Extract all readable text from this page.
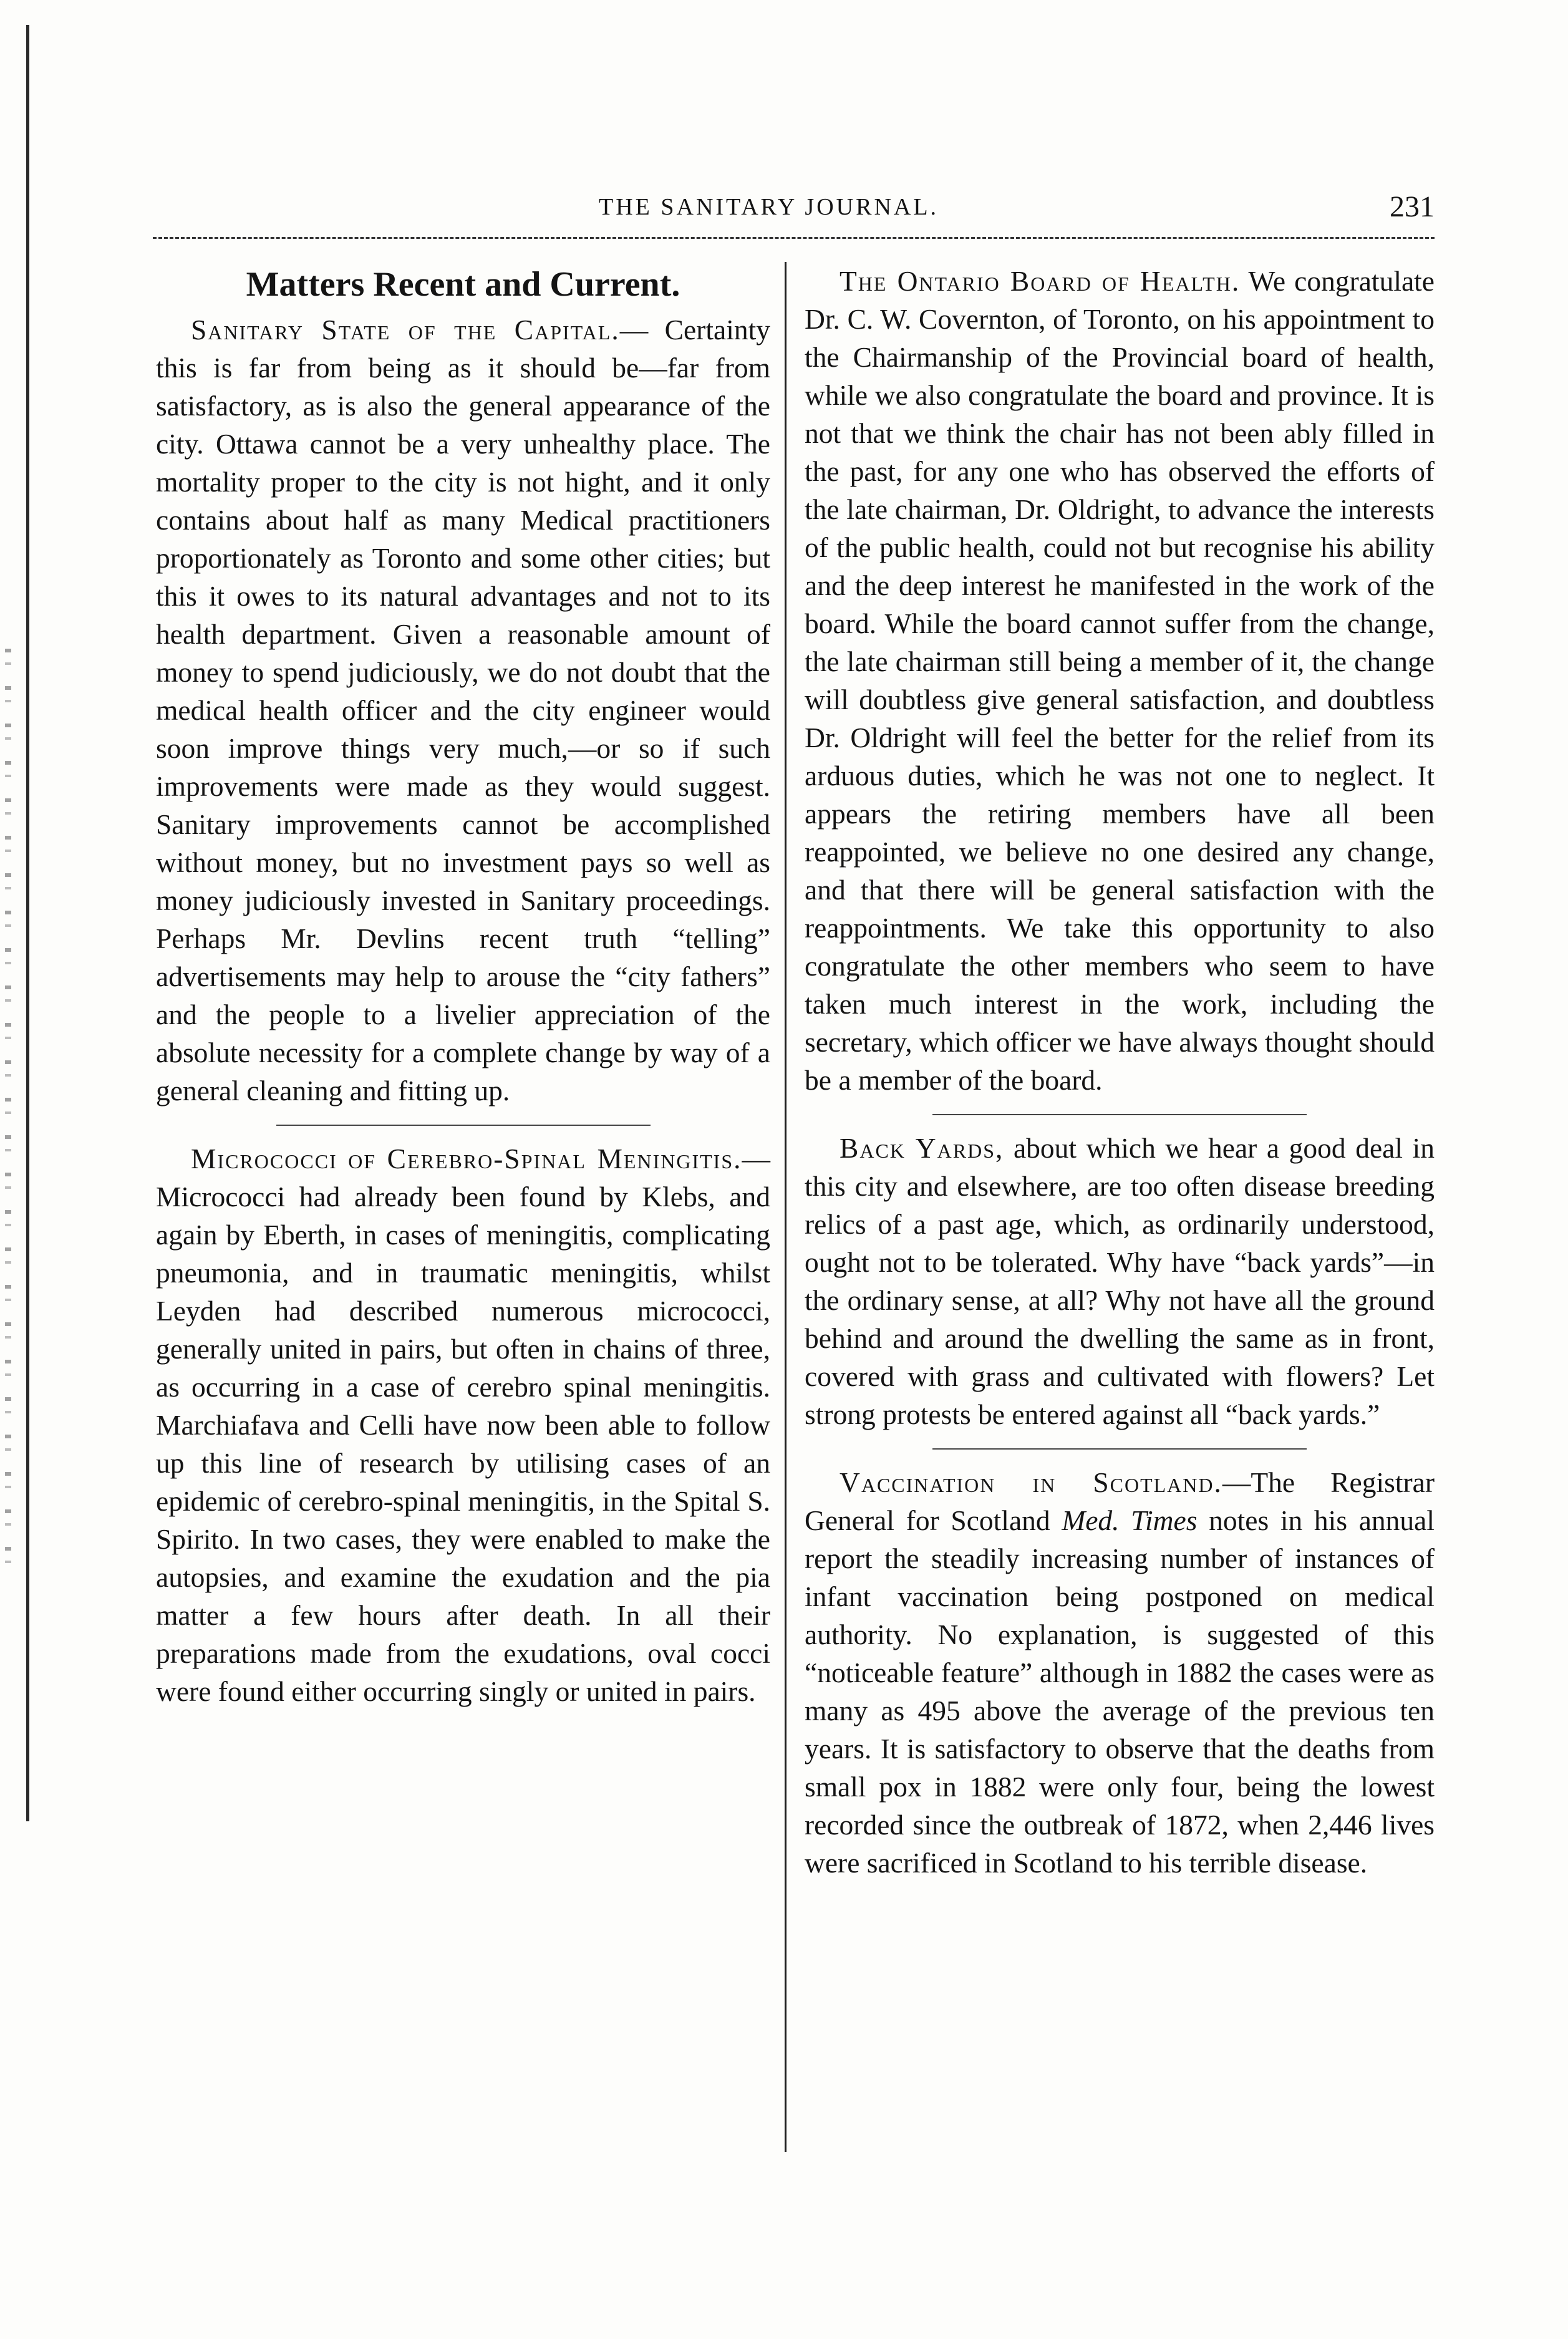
THE SANITARY JOURNAL.	231
Matters Recent and Current.

Sanitary State of the Capital.— Certainty this is far from being as it should be—far from satisfactory, as is also the general appearance of the city. Ottawa cannot be a very unhealthy place. The mortality proper to the city is not hight, and it only contains about half as many Medical practitioners proportionately as Toronto and some other cities; but this it owes to its natural advantages and not to its health department. Given a reasonable amount of money to spend judiciously, we do not doubt that the medical health officer and the city engineer would soon improve things very much,—or so if such improvements were made as they would suggest. Sanitary improvements cannot be accomplished without money, but no investment pays so well as money judiciously invested in Sanitary proceedings. Perhaps Mr. Devlins recent truth “telling” advertisements may help to arouse the “city fathers” and the people to a livelier appreciation of the absolute necessity for a complete change by way of a general cleaning and fitting up.

Micrococci of Cerebro-Spinal Meningitis.— Micrococci had already been found by Klebs, and again by Eberth, in cases of meningitis, complicating pneumonia, and in traumatic meningitis, whilst Leyden had described numerous micrococci, generally united in pairs, but often in chains of three, as occurring in a case of cerebro spinal meningitis. Marchiafava and Celli have now been able to follow up this line of research by utilising cases of an epidemic of cerebro-spinal meningitis, in the Spital S. Spirito. In two cases, they were enabled to make the autopsies, and examine the exudation and the pia matter a few hours after death. In all their preparations made from the exudations, oval cocci were found either occurring singly or united in pairs.

The Ontario Board of Health. We congratulate Dr. C. W. Covernton, of Toronto, on his appointment to the Chairmanship of the Provincial board of health, while we also congratulate the board and province. It is not that we think the chair has not been ably filled in the past, for any one who has observed the efforts of the late chairman, Dr. Oldright, to advance the interests of the public health, could not but recognise his ability and the deep interest he manifested in the work of the board. While the board cannot suffer from the change, the late chairman still being a member of it, the change will doubtless give general satisfaction, and doubtless Dr. Oldright will feel the better for the relief from its arduous duties, which he was not one to neglect. It appears the retiring members have all been reappointed, we believe no one desired any change, and that there will be general satisfaction with the reappointments. We take this opportunity to also congratulate the other members who seem to have taken much interest in the work, including the secretary, which officer we have always thought should be a member of the board.

Back Yards, about which we hear a good deal in this city and elsewhere, are too often disease breeding relics of a past age, which, as ordinarily understood, ought not to be tolerated. Why have “back yards”—in the ordinary sense, at all? Why not have all the ground behind and around the dwelling the same as in front, covered with grass and cultivated with flowers? Let strong protests be entered against all “back yards.”

Vaccination in Scotland.—The Registrar General for Scotland Med. Times notes in his annual report the steadily increasing number of instances of infant vaccination being postponed on medical authority. No explanation, is suggested of this “noticeable feature” although in 1882 the cases were as many as 495 above the average of the previous ten years. It is satisfactory to observe that the deaths from small pox in 1882 were only four, being the lowest recorded since the outbreak of 1872, when 2,446 lives were sacrificed in Scotland to his terrible disease.
